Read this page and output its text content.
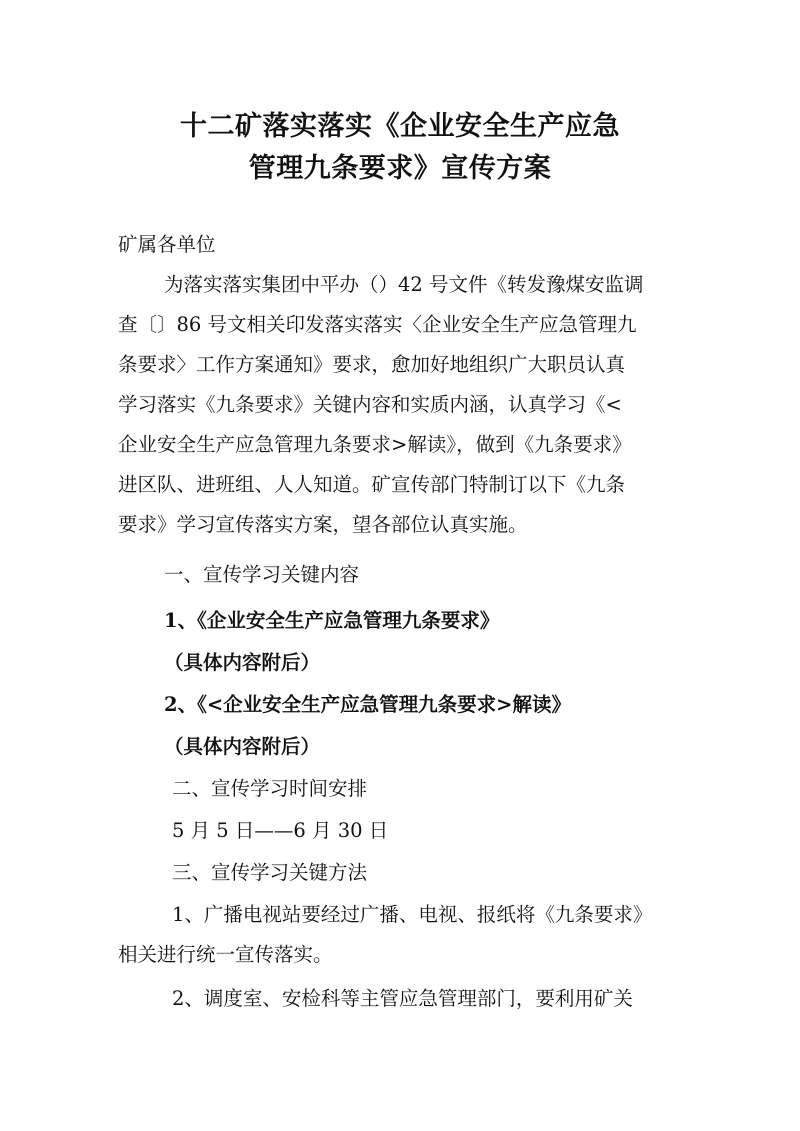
十二矿落实落实《企业安全生产应急
管理九条要求》宣传方案
矿属各单位
为落实落实集团中平办（）42 号文件《转发豫煤安监调
查〔〕86 号文相关印发落实落实〈企业安全生产应急管理九
条要求〉工作方案通知》要求，愈加好地组织广大职员认真
学习落实《九条要求》关键内容和实质内涵，认真学习《<
企业安全生产应急管理九条要求>解读》，做到《九条要求》
进区队、进班组、人人知道。矿宣传部门特制订以下《九条
要求》学习宣传落实方案，望各部位认真实施。
一、宣传学习关键内容
1、《企业安全生产应急管理九条要求》
（具体内容附后）
2、《<企业安全生产应急管理九条要求>解读》
（具体内容附后）
二、宣传学习时间安排
5 月 5 日——6 月 30 日
三、宣传学习关键方法
1、广播电视站要经过广播、电视、报纸将《九条要求》
相关进行统一宣传落实。
2、调度室、安检科等主管应急管理部门，要利用矿关
